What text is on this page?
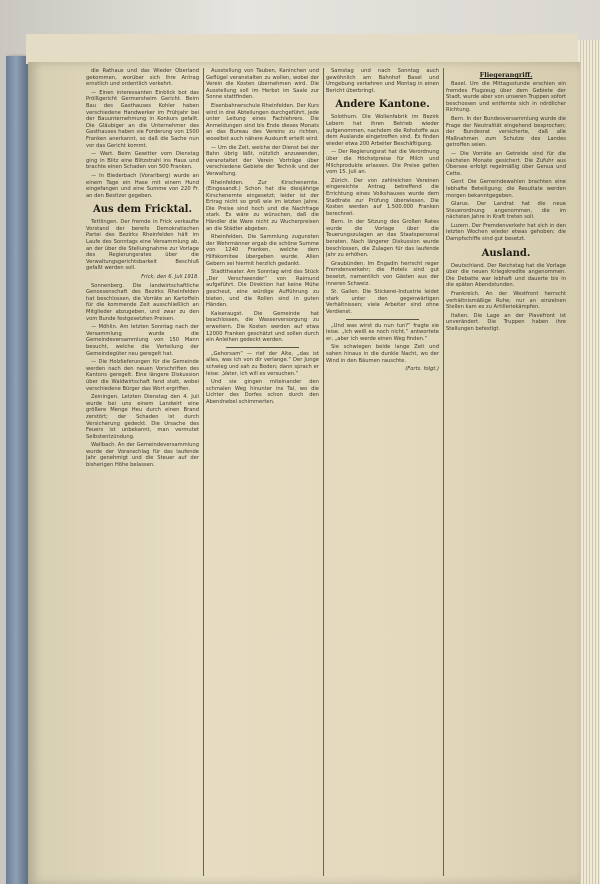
die Rathaus und das Wieder Oberland gekommen, worüber sich Ihre Antrag ernstlich und ordentlich verkehrt.

— Einen interessanten Einblick bot das Prölßgericht Germersheim Gericht. Beim Bau des Gasthauses Kohler haben verschiedene Handwerker im Frühjahr bei der Bauunternehmung in Konkurs gefallt. Die Gläubiger an die Unternehmer des Gasthauses haben sie Forderung von 1500 Franken anerkannt, so daß die Sache nun vor das Gericht kommt.

— Wart. Beim Gewitter vom Dienstag ging in Blitz eine Blitzstrahl ins Haus und brachte einen Schaden von 500 Franken.

— In Biederbach (Vorarlberg) wurde an einem Tage ein Hase mit einem Hund eingefangen und eine Summe von 220 Fr. an den Besitzer gegeben.

Aus dem Fricktal.

Tettlingen. Der fremde in Frick verkaufte Vorstand der bereits Demokratischen Partei des Bezirks Rheinfelden hält im Laufe des Sonntags eine Versammlung ab, an der über die Stellungnahme zur Vorlage des Regierungsrates über die Verwaltungsgerichtsbarkeit Beschluß gefaßt werden soll.

Frick, den 6. Juli 1918.

Sonnenberg. Die landwirtschaftliche Genossenschaft des Bezirks Rheinfelden hat beschlossen, die Vorräte an Kartoffeln für die kommende Zeit ausschließlich an Mitglieder abzugeben, und zwar zu den vom Bunde festgesetzten Preisen.

— Möhlin. Am letzten Sonntag nach der Versammlung wurde die Gemeindeversammlung von 150 Mann besucht, welche die Verteilung der Gemeindegüter neu geregelt hat.

— Die Holzlieferungen für die Gemeinde werden nach den neuen Vorschriften des Kantons geregelt. Eine längere Diskussion über die Waldwirtschaft fand statt, wobei verschiedene Bürger das Wort ergriffen.

Zeiningen. Letzten Dienstag den 4. Juli wurde bei uns einem Landwirt eine größere Menge Heu durch einen Brand zerstört; der Schaden ist durch Versicherung gedeckt. Die Ursache des Feuers ist unbekannt, man vermutet Selbstentzündung.

Wallbach. An der Gemeindeversammlung wurde der Voranschlag für das laufende Jahr genehmigt und die Steuer auf der bisherigen Höhe belassen.

Ausstellung von Tauben, Kaninchen und Geflügel veranstalten zu wollen, wobei der Verein die Kosten übernehmen wird. Die Ausstellung soll im Herbst im Saale zur Sonne stattfinden.

Eisenbahnerschule Rheinfelden. Der Kurs wird in drei Abteilungen durchgeführt, jede unter Leitung eines Fachlehrers. Die Anmeldungen sind bis Ende dieses Monats an das Bureau des Vereins zu richten, woselbst auch nähere Auskunft erteilt wird.

— Um die Zeit, welche der Dienst bei der Bahn übrig läßt, nützlich anzuwenden, veranstaltet der Verein Vorträge über verschiedene Gebiete der Technik und der Verwaltung.

Rheinfelden. Zur Kirschenernte. (Eingesandt.) Schon hat die diesjährige Kirschenernte eingesetzt; leider ist der Ertrag nicht so groß wie im letzten Jahre. Die Preise sind hoch und die Nachfrage stark. Es wäre zu wünschen, daß die Händler die Ware nicht zu Wucherpreisen an die Städter abgeben.

Rheinfelden. Die Sammlung zugunsten der Wehrmänner ergab die schöne Summe von 1240 Franken, welche dem Hilfskomitee übergeben wurde. Allen Gebern sei hiermit herzlich gedankt.

Stadttheater. Am Sonntag wird das Stück „Der Verschwender“ von Raimund aufgeführt. Die Direktion hat keine Mühe gescheut, eine würdige Aufführung zu bieten, und die Rollen sind in guten Händen.

Kaiseraugst. Die Gemeinde hat beschlossen, die Wasserversorgung zu erweitern. Die Kosten werden auf etwa 12000 Franken geschätzt und sollen durch ein Anleihen gedeckt werden.

„Gehorsam“ — rief der Alte, „das ist alles, was ich von dir verlange.“ Der Junge schwieg und sah zu Boden; dann sprach er leise: „Vater, ich will es versuchen.“

Und sie gingen miteinander den schmalen Weg hinunter ins Tal, wo die Lichter des Dorfes schon durch den Abendnebel schimmerten.

Samstag und nach Sonntag auch gewöhnlich am Bahnhof Basel und Umgebung verkehren und Montag in einen Bericht überbringt.

Andere Kantone.

Solothurn. Die Wollenfabrik im Bezirk Lebern hat ihren Betrieb wieder aufgenommen, nachdem die Rohstoffe aus dem Auslande eingetroffen sind. Es finden wieder etwa 200 Arbeiter Beschäftigung.

— Der Regierungsrat hat die Verordnung über die Höchstpreise für Milch und Milchprodukte erlassen. Die Preise gelten vom 15. Juli an.

Zürich. Der von zahlreichen Vereinen eingereichte Antrag betreffend die Errichtung eines Volkshauses wurde dem Stadtrate zur Prüfung überwiesen. Die Kosten werden auf 1.500.000 Franken berechnet.

Bern. In der Sitzung des Großen Rates wurde die Vorlage über die Teuerungszulagen an das Staatspersonal beraten. Nach längerer Diskussion wurde beschlossen, die Zulagen für das laufende Jahr zu erhöhen.

Graubünden. Im Engadin herrscht reger Fremdenverkehr; die Hotels sind gut besetzt, namentlich von Gästen aus der inneren Schweiz.

St. Gallen. Die Stickerei-Industrie leidet stark unter den gegenwärtigen Verhältnissen; viele Arbeiter sind ohne Verdienst.

„Und was wirst du nun tun?“ fragte sie leise. „Ich weiß es noch nicht,“ antwortete er, „aber ich werde einen Weg finden.“

Sie schwiegen beide lange Zeit und sahen hinaus in die dunkle Nacht, wo der Wind in den Bäumen rauschte.

(Forts. folgt.)

Fliegerangriff.

Basel. Um die Mittagsstunde erschien ein fremdes Flugzeug über dem Gebiete der Stadt, wurde aber von unseren Truppen sofort beschossen und entfernte sich in nördlicher Richtung.

Bern. In der Bundesversammlung wurde die Frage der Neutralität eingehend besprochen; der Bundesrat versicherte, daß alle Maßnahmen zum Schutze des Landes getroffen seien.

— Die Vorräte an Getreide sind für die nächsten Monate gesichert. Die Zufuhr aus Übersee erfolgt regelmäßig über Genua und Cette.

Genf. Die Gemeindewahlen brachten eine lebhafte Beteiligung; die Resultate werden morgen bekanntgegeben.

Glarus. Der Landrat hat die neue Steuerordnung angenommen, die im nächsten Jahre in Kraft treten soll.

Luzern. Der Fremdenverkehr hat sich in den letzten Wochen wieder etwas gehoben; die Dampfschiffe sind gut besetzt.

Ausland.

Deutschland. Der Reichstag hat die Vorlage über die neuen Kriegskredite angenommen. Die Debatte war lebhaft und dauerte bis in die späten Abendstunden.

Frankreich. An der Westfront herrscht verhältnismäßige Ruhe; nur an einzelnen Stellen kam es zu Artilleriekämpfen.

Italien. Die Lage an der Piavefront ist unverändert. Die Truppen haben ihre Stellungen befestigt.
